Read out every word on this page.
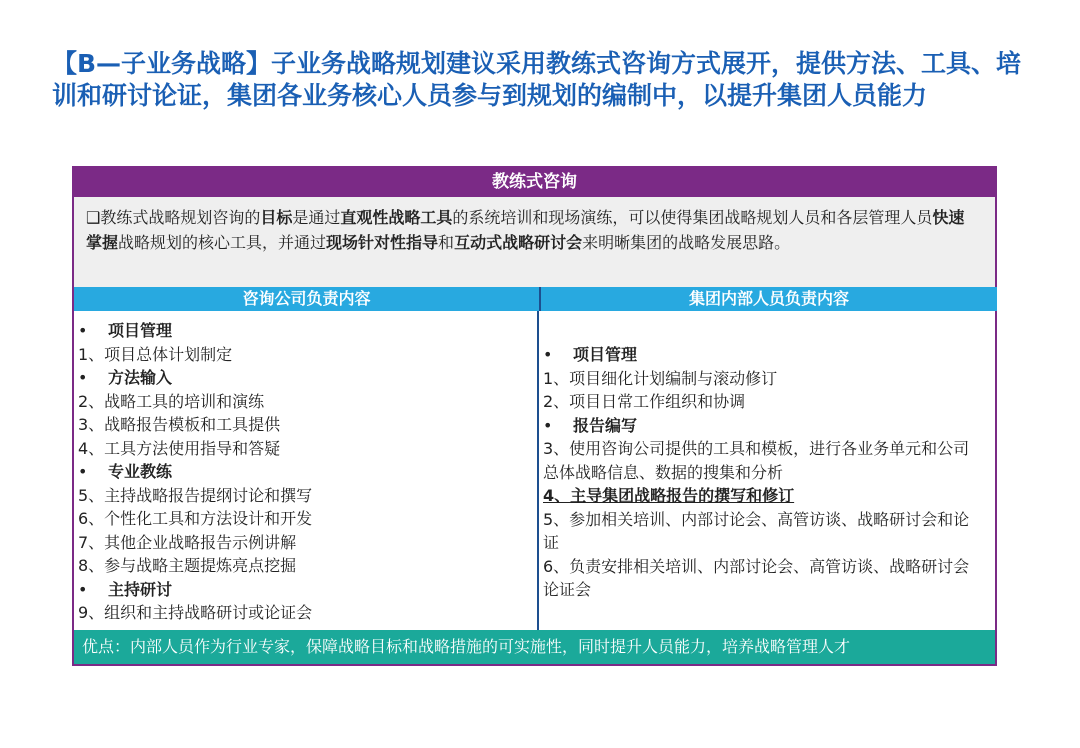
【B—子业务战略】子业务战略规划建议采用教练式咨询方式展开，提供方法、工具、培训和研讨论证，集团各业务核心人员参与到规划的编制中，以提升集团人员能力
教练式咨询
❑教练式战略规划咨询的目标是通过直观性战略工具的系统培训和现场演练，可以使得集团战略规划人员和各层管理人员快速掌握战略规划的核心工具，并通过现场针对性指导和互动式战略研讨会来明晰集团的战略发展思路。
咨询公司负责内容	集团内部人员负责内容
• 项目管理
1、项目总体计划制定
• 方法输入
2、战略工具的培训和演练
3、战略报告模板和工具提供
4、工具方法使用指导和答疑
• 专业教练
5、主持战略报告提纲讨论和撰写
6、个性化工具和方法设计和开发
7、其他企业战略报告示例讲解
8、参与战略主题提炼亮点挖掘
• 主持研讨
9、组织和主持战略研讨或论证会
• 项目管理
1、项目细化计划编制与滚动修订
2、项目日常工作组织和协调
• 报告编写
3、使用咨询公司提供的工具和模板，进行各业务单元和公司总体战略信息、数据的搜集和分析
4、主导集团战略报告的撰写和修订
5、参加相关培训、内部讨论会、高管访谈、战略研讨会和论证
6、负责安排相关培训、内部讨论会、高管访谈、战略研讨会论证会
优点：内部人员作为行业专家，保障战略目标和战略措施的可实施性，同时提升人员能力，培养战略管理人才
